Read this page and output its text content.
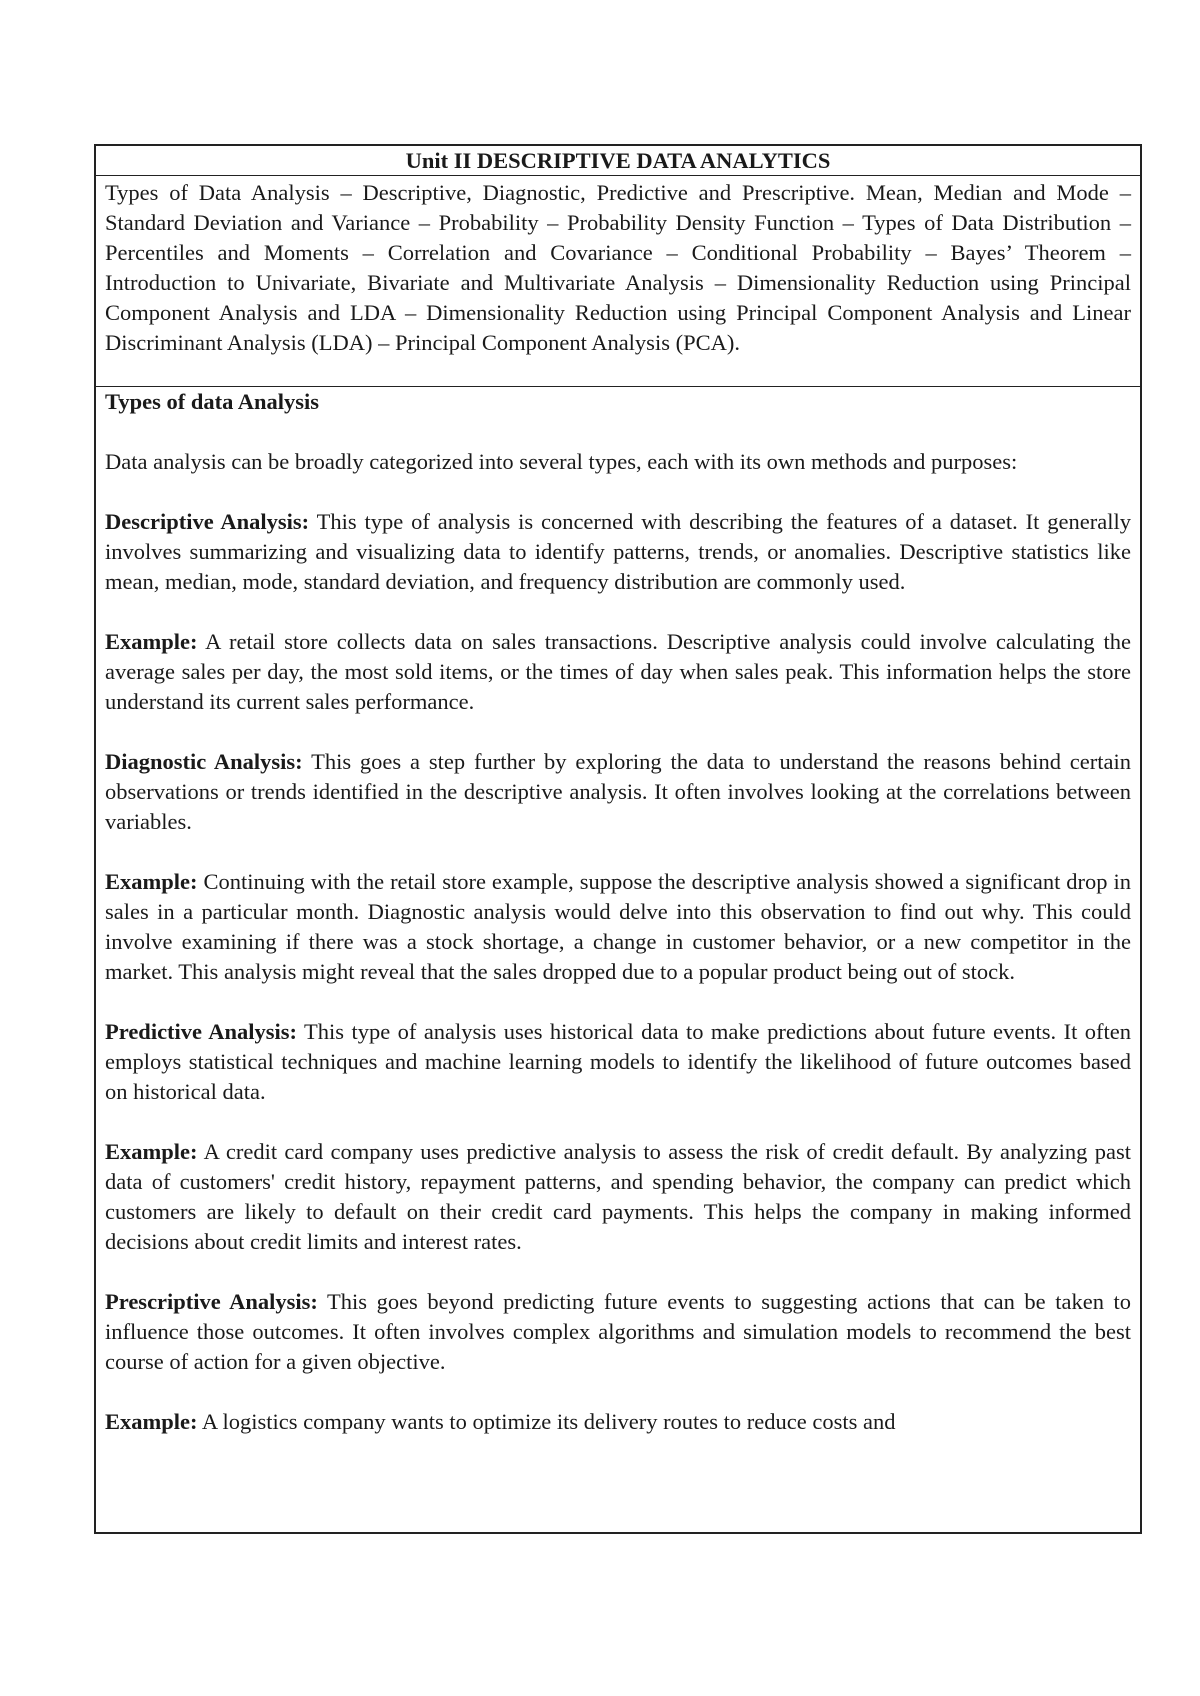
Unit II DESCRIPTIVE DATA ANALYTICS
Types of Data Analysis – Descriptive, Diagnostic, Predictive and Prescriptive. Mean, Median and Mode – Standard Deviation and Variance – Probability – Probability Density Function – Types of Data Distribution – Percentiles and Moments – Correlation and Covariance – Conditional Probability – Bayes’ Theorem – Introduction to Univariate, Bivariate and Multivariate Analysis – Dimensionality Reduction using Principal Component Analysis and LDA – Dimensionality Reduction using Principal Component Analysis and Linear Discriminant Analysis (LDA) – Principal Component Analysis (PCA).

Types of data Analysis

Data analysis can be broadly categorized into several types, each with its own methods and purposes:

Descriptive Analysis: This type of analysis is concerned with describing the features of a dataset. It generally involves summarizing and visualizing data to identify patterns, trends, or anomalies. Descriptive statistics like mean, median, mode, standard deviation, and frequency distribution are commonly used.

Example: A retail store collects data on sales transactions. Descriptive analysis could involve calculating the average sales per day, the most sold items, or the times of day when sales peak. This information helps the store understand its current sales performance.

Diagnostic Analysis: This goes a step further by exploring the data to understand the reasons behind certain observations or trends identified in the descriptive analysis. It often involves looking at the correlations between variables.

Example: Continuing with the retail store example, suppose the descriptive analysis showed a significant drop in sales in a particular month. Diagnostic analysis would delve into this observation to find out why. This could involve examining if there was a stock shortage, a change in customer behavior, or a new competitor in the market. This analysis might reveal that the sales dropped due to a popular product being out of stock.

Predictive Analysis: This type of analysis uses historical data to make predictions about future events. It often employs statistical techniques and machine learning models to identify the likelihood of future outcomes based on historical data.

Example: A credit card company uses predictive analysis to assess the risk of credit default. By analyzing past data of customers' credit history, repayment patterns, and spending behavior, the company can predict which customers are likely to default on their credit card payments. This helps the company in making informed decisions about credit limits and interest rates.

Prescriptive Analysis: This goes beyond predicting future events to suggesting actions that can be taken to influence those outcomes. It often involves complex algorithms and simulation models to recommend the best course of action for a given objective.

Example: A logistics company wants to optimize its delivery routes to reduce costs and
